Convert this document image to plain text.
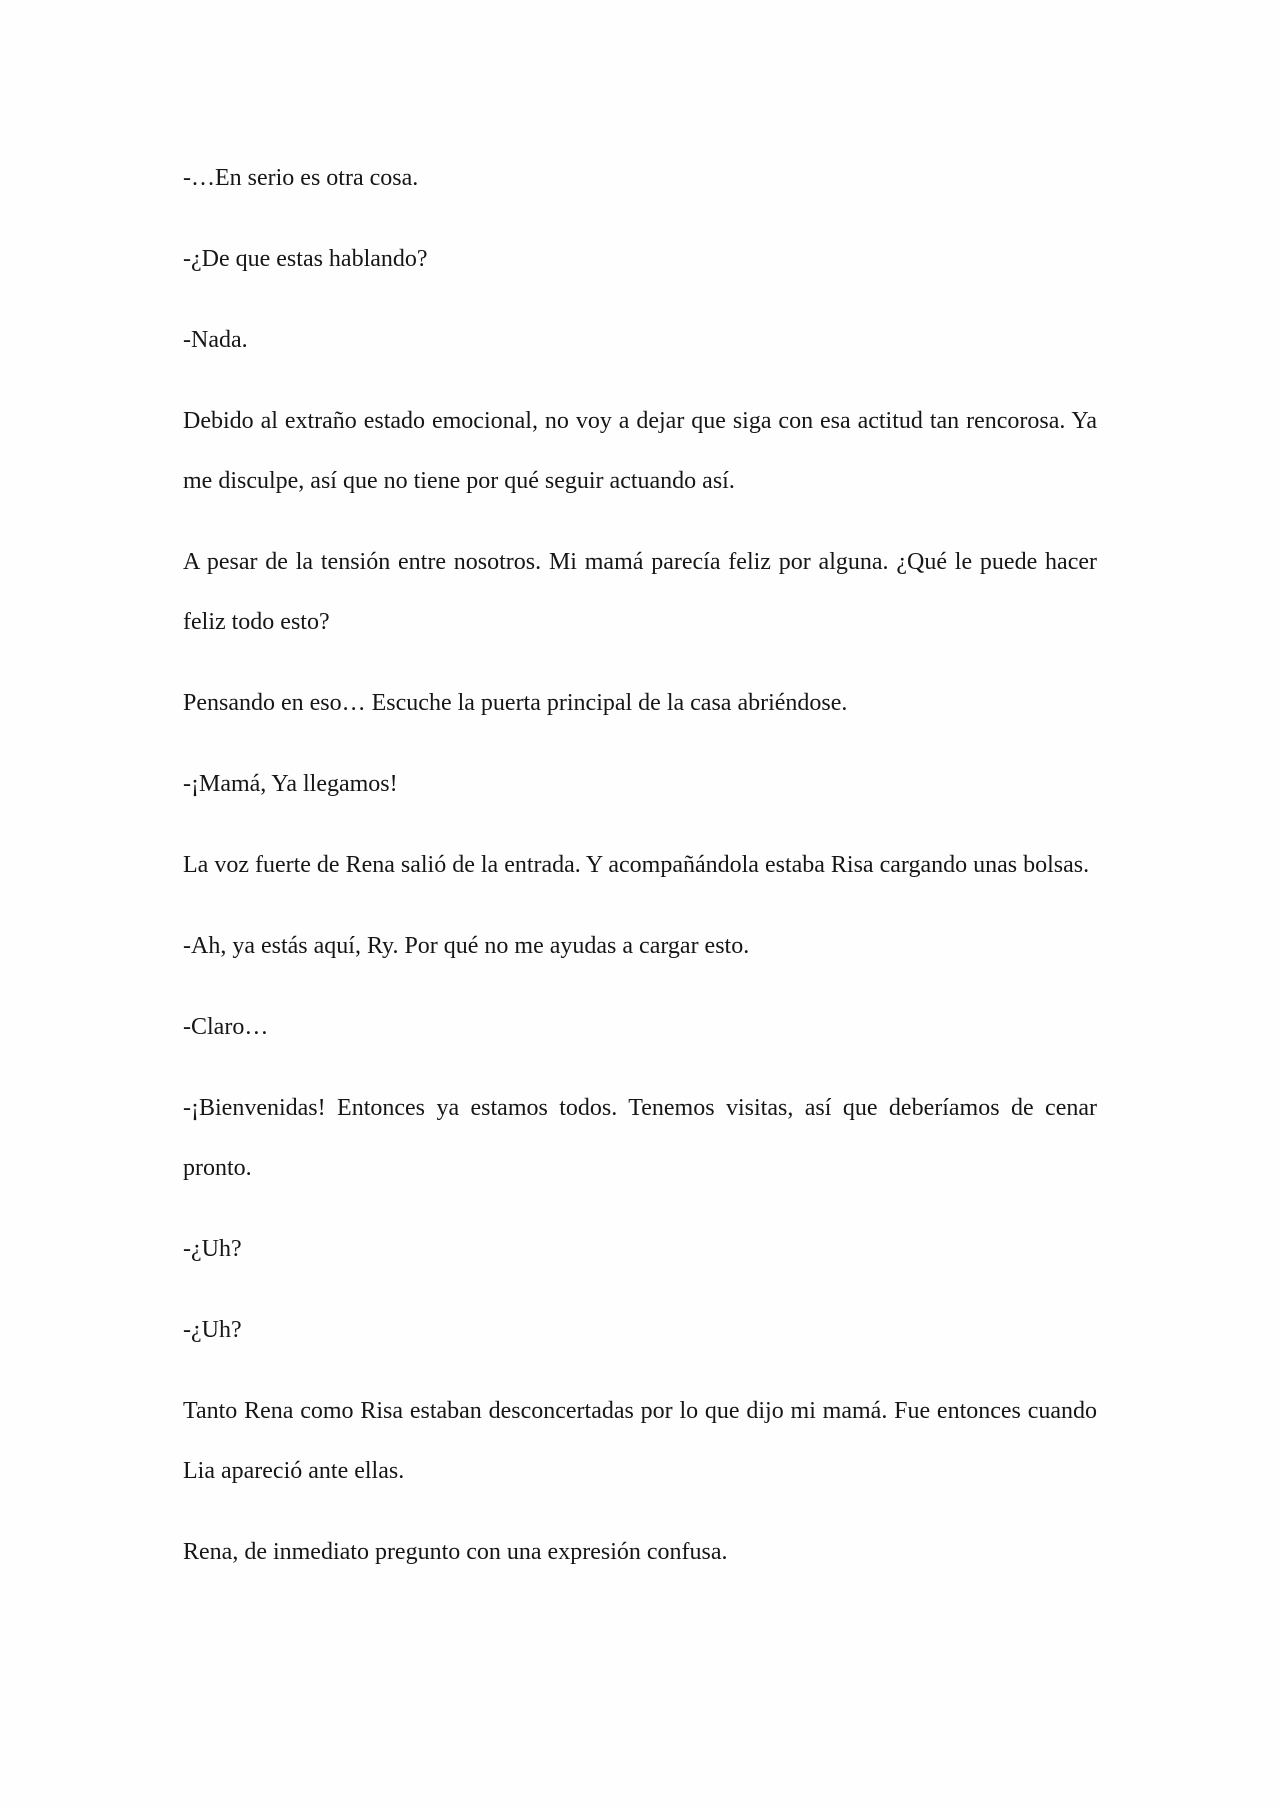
-…En serio es otra cosa.

-¿De que estas hablando?

-Nada.

Debido al extraño estado emocional, no voy a dejar que siga con esa actitud tan rencorosa. Ya me disculpe, así que no tiene por qué seguir actuando así.

A pesar de la tensión entre nosotros. Mi mamá parecía feliz por alguna. ¿Qué le puede hacer feliz todo esto?

Pensando en eso… Escuche la puerta principal de la casa abriéndose.

-¡Mamá, Ya llegamos!

La voz fuerte de Rena salió de la entrada. Y acompañándola estaba Risa cargando unas bolsas.

-Ah, ya estás aquí, Ry. Por qué no me ayudas a cargar esto.

-Claro…

-¡Bienvenidas! Entonces ya estamos todos. Tenemos visitas, así que deberíamos de cenar pronto.

-¿Uh?

-¿Uh?

Tanto Rena como Risa estaban desconcertadas por lo que dijo mi mamá. Fue entonces cuando Lia apareció ante ellas.

Rena, de inmediato pregunto con una expresión confusa.
